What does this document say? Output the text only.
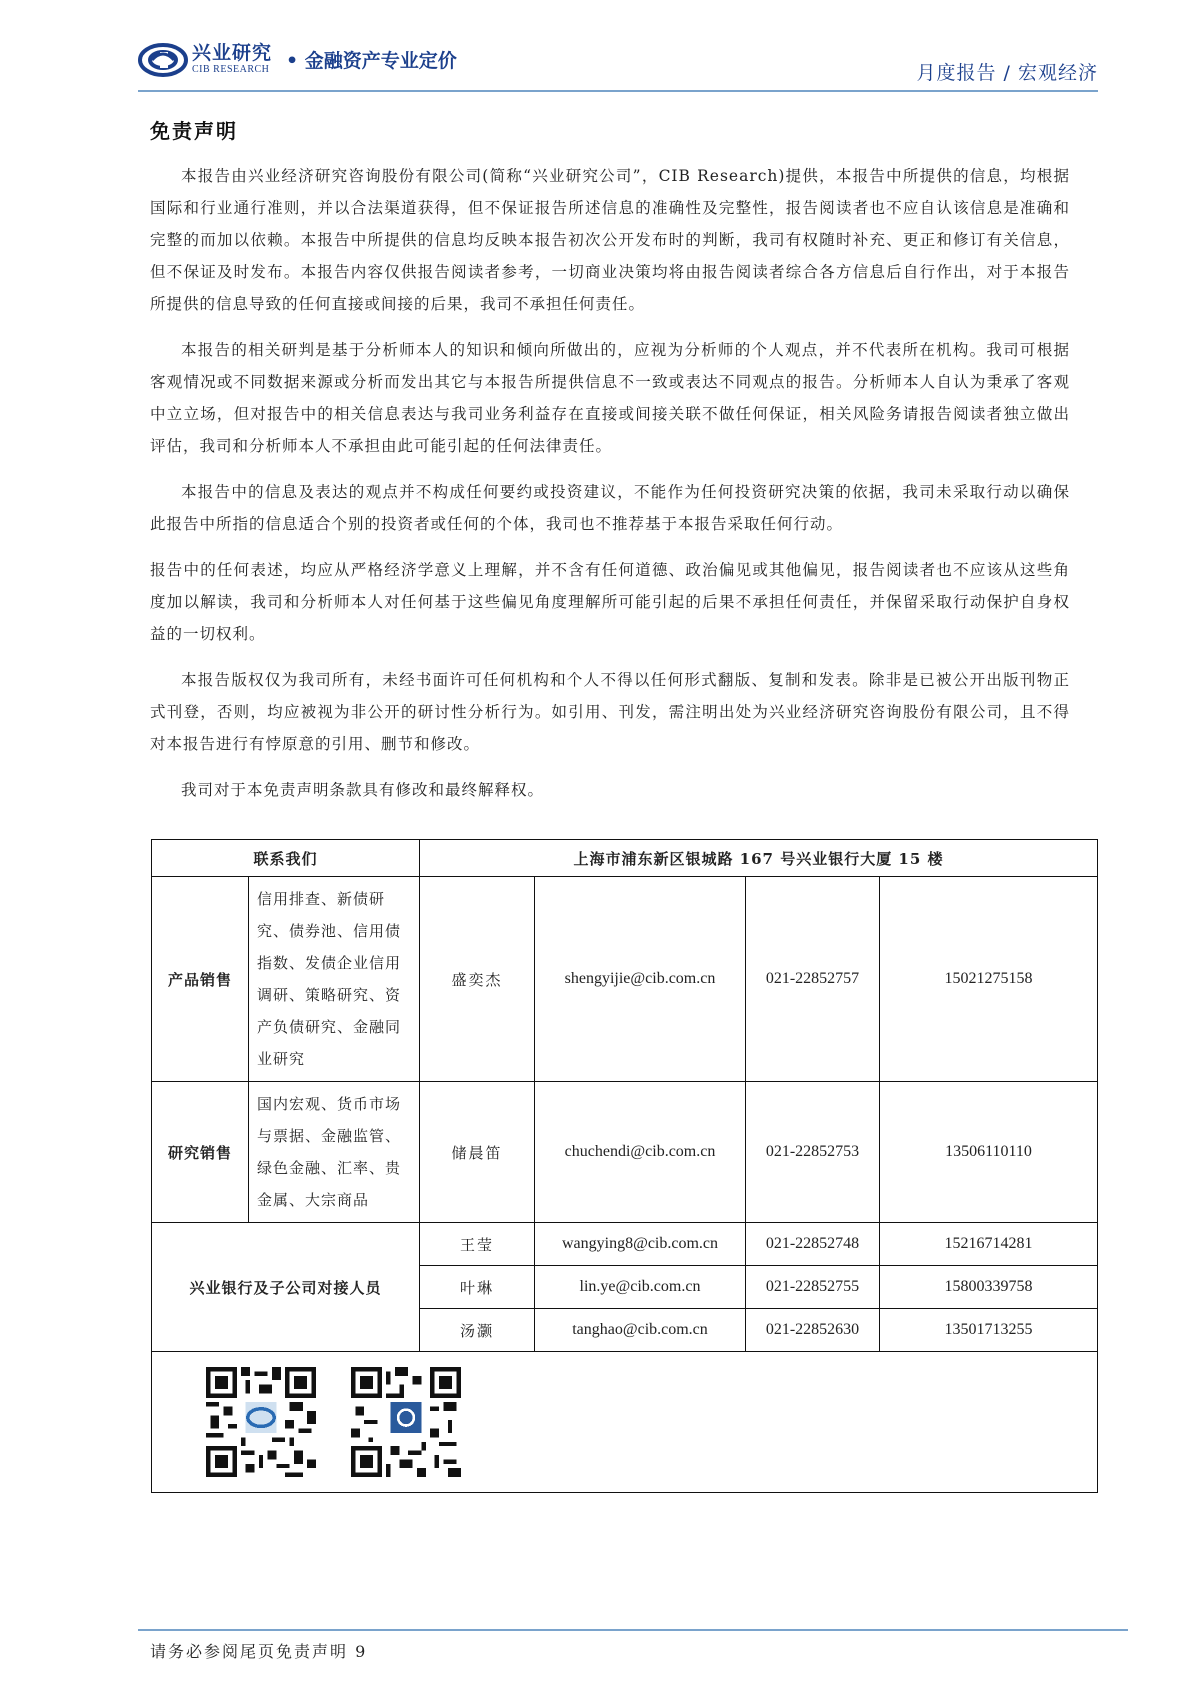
兴业研究
CIB RESEARCH • 金融资产专业定价
月度报告 / 宏观经济
免责声明

本报告由兴业经济研究咨询股份有限公司(简称“兴业研究公司”，CIB Research)提供，本报告中所提供的信息，均根据国际和行业通行准则，并以合法渠道获得，但不保证报告所述信息的准确性及完整性，报告阅读者也不应自认该信息是准确和完整的而加以依赖。本报告中所提供的信息均反映本报告初次公开发布时的判断，我司有权随时补充、更正和修订有关信息，但不保证及时发布。本报告内容仅供报告阅读者参考，一切商业决策均将由报告阅读者综合各方信息后自行作出，对于本报告所提供的信息导致的任何直接或间接的后果，我司不承担任何责任。

本报告的相关研判是基于分析师本人的知识和倾向所做出的，应视为分析师的个人观点，并不代表所在机构。我司可根据客观情况或不同数据来源或分析而发出其它与本报告所提供信息不一致或表达不同观点的报告。分析师本人自认为秉承了客观中立立场，但对报告中的相关信息表达与我司业务利益存在直接或间接关联不做任何保证，相关风险务请报告阅读者独立做出评估，我司和分析师本人不承担由此可能引起的任何法律责任。

本报告中的信息及表达的观点并不构成任何要约或投资建议，不能作为任何投资研究决策的依据，我司未采取行动以确保此报告中所指的信息适合个别的投资者或任何的个体，我司也不推荐基于本报告采取任何行动。

报告中的任何表述，均应从严格经济学意义上理解，并不含有任何道德、政治偏见或其他偏见，报告阅读者也不应该从这些角度加以解读，我司和分析师本人对任何基于这些偏见角度理解所可能引起的后果不承担任何责任，并保留采取行动保护自身权益的一切权利。

本报告版权仅为我司所有，未经书面许可任何机构和个人不得以任何形式翻版、复制和发表。除非是已被公开出版刊物正式刊登，否则，均应被视为非公开的研讨性分析行为。如引用、刊发，需注明出处为兴业经济研究咨询股份有限公司，且不得对本报告进行有悖原意的引用、删节和修改。

我司对于本免责声明条款具有修改和最终解释权。

联系我们		上海市浦东新区银城路 167 号兴业银行大厦 15 楼			
产品销售	信用排查、新债研究、债券池、信用债指数、发债企业信用调研、策略研究、资产负债研究、金融同业研究	盛奕杰	shengyijie@cib.com.cn	021-22852757	15021275158
研究销售	国内宏观、货币市场与票据、金融监管、绿色金融、汇率、贵金属、大宗商品	储晨笛	chuchendi@cib.com.cn	021-22852753	13506110110
兴业银行及子公司对接人员		王莹	wangying8@cib.com.cn	021-22852748	15216714281
		叶琳	lin.ye@cib.com.cn	021-22852755	15800339758
		汤灏	tanghao@cib.com.cn	021-22852630	13501713255

请务必参阅尾页免责声明 9
